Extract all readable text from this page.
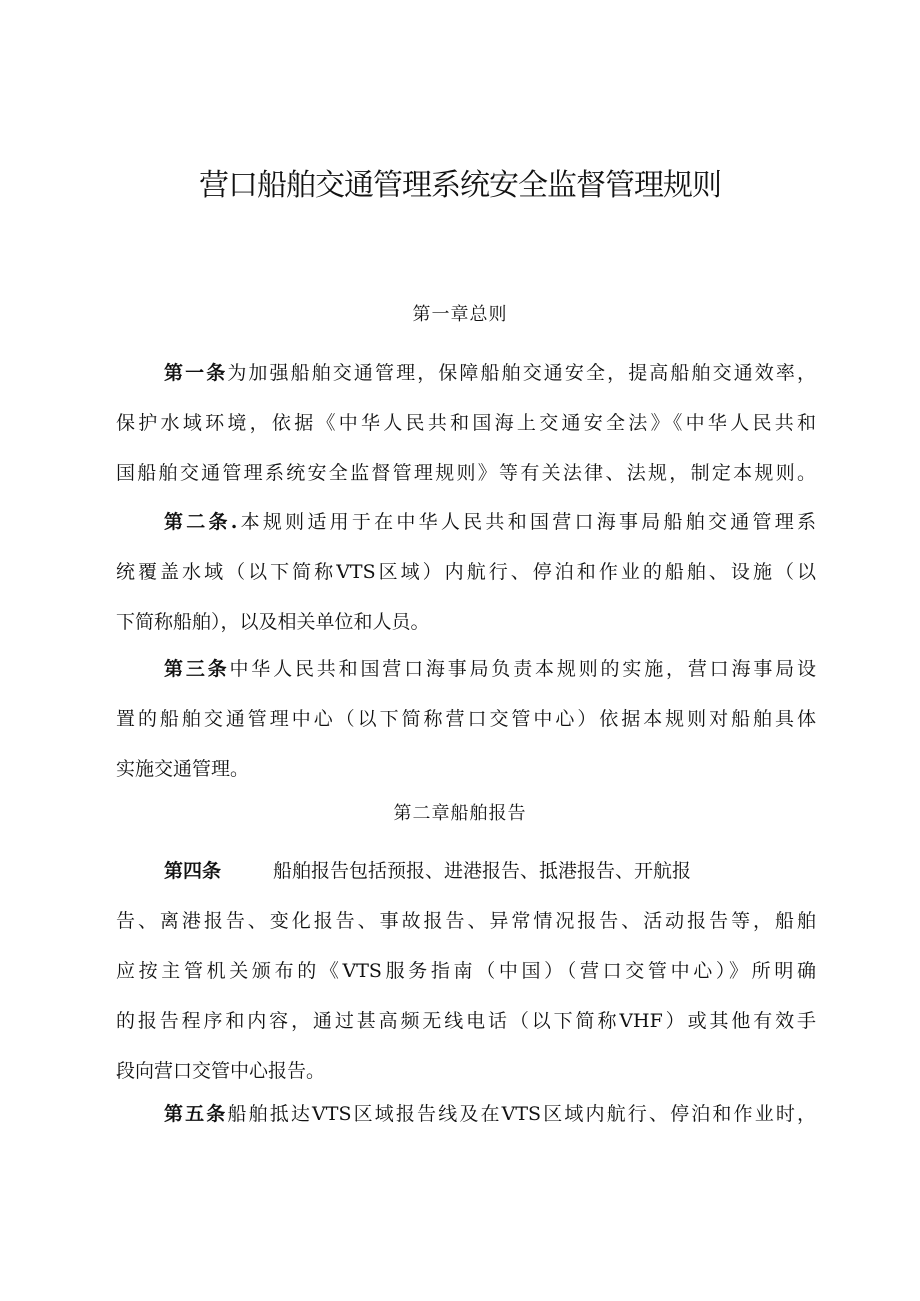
营口船舶交通管理系统安全监督管理规则
第一章总则
第一条为加强船舶交通管理，保障船舶交通安全，提高船舶交通效率，
保护水域环境，依据《中华人民共和国海上交通安全法》《中华人民共和
国船舶交通管理系统安全监督管理规则》等有关法律、法规，制定本规则。
第二条.本规则适用于在中华人民共和国营口海事局船舶交通管理系
统覆盖水域（以下简称VTS区域）内航行、停泊和作业的船舶、设施（以
下简称船舶），以及相关单位和人员。
第三条中华人民共和国营口海事局负责本规则的实施，营口海事局设
置的船舶交通管理中心（以下简称营口交管中心）依据本规则对船舶具体
实施交通管理。
第二章船舶报告
第四条	船舶报告包括预报、进港报告、抵港报告、开航报
告、离港报告、变化报告、事故报告、异常情况报告、活动报告等，船舶
应按主管机关颁布的《VTS服务指南（中国）（营口交管中心）》所明确
的报告程序和内容，通过甚高频无线电话（以下简称VHF）或其他有效手
段向营口交管中心报告。
第五条船舶抵达VTS区域报告线及在VTS区域内航行、停泊和作业时，
